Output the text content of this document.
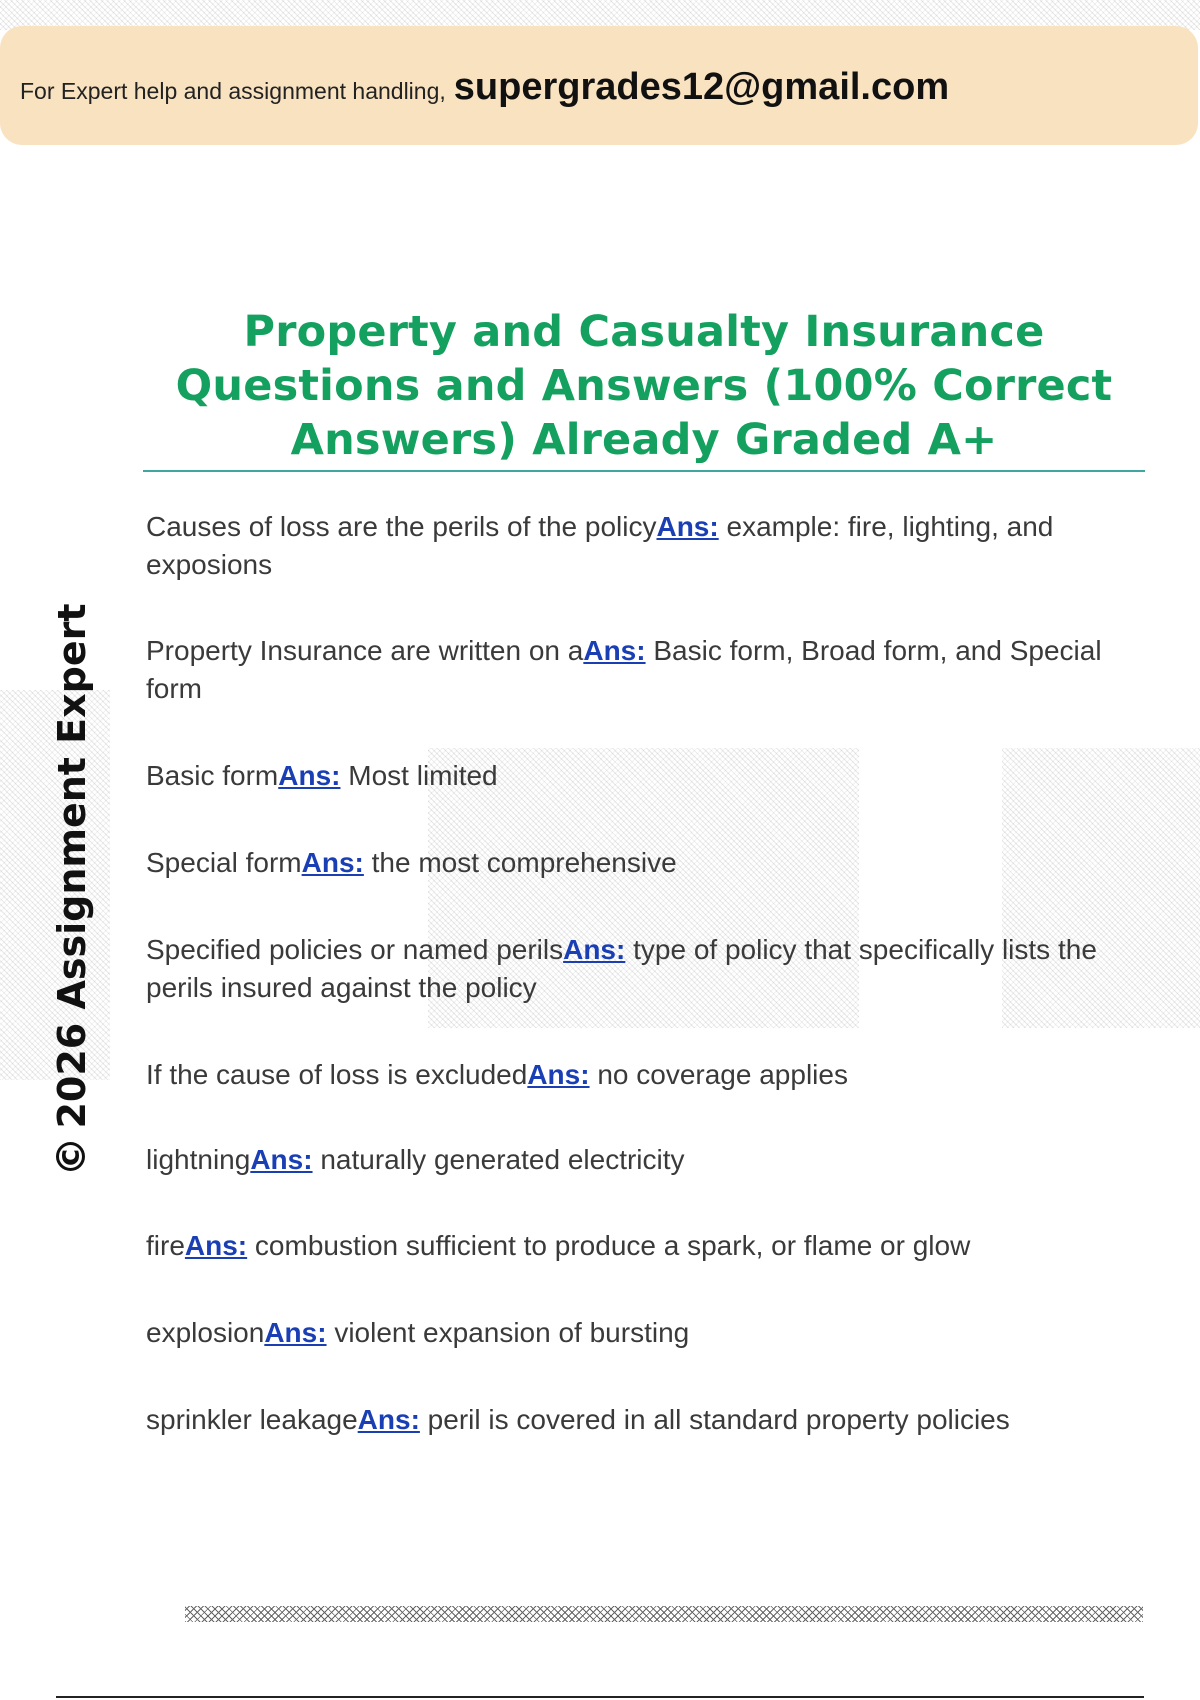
For Expert help and assignment handling, supergrades12@gmail.com
©2026 Assignment Expert
Property and Casualty Insurance Questions and Answers (100% Correct Answers) Already Graded A+
Causes of loss are the perils of the policyAns: example: fire, lighting, and exposions
Property Insurance are written on aAns: Basic form, Broad form, and Special form
Basic formAns: Most limited
Special formAns: the most comprehensive
Specified policies or named perilsAns: type of policy that specifically lists the perils insured against the policy
If the cause of loss is excludedAns: no coverage applies
lightningAns: naturally generated electricity
fireAns: combustion sufficient to produce a spark, or flame or glow
explosionAns: violent expansion of bursting
sprinkler leakageAns: peril is covered in all standard property policies
